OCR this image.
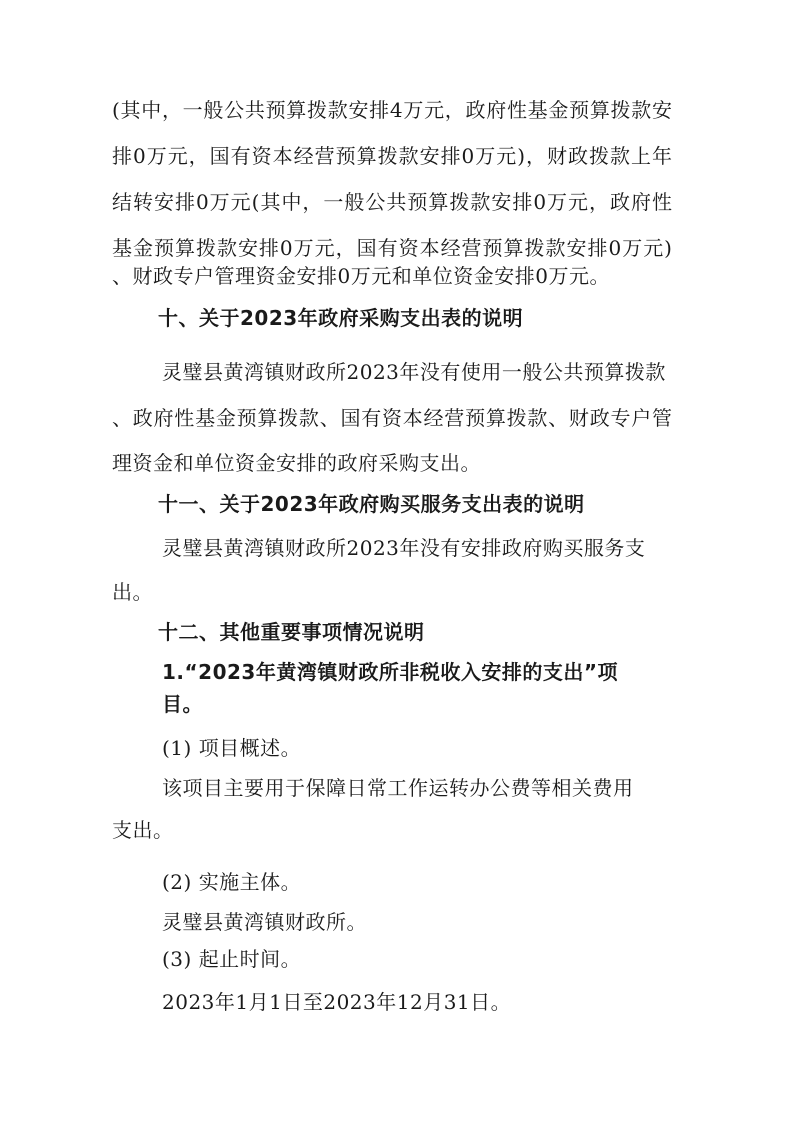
(其中，一般公共预算拨款安排4万元，政府性基金预算拨款安
排0万元，国有资本经营预算拨款安排0万元)，财政拨款上年
结转安排0万元(其中，一般公共预算拨款安排0万元，政府性
基金预算拨款安排0万元，国有资本经营预算拨款安排0万元)
、财政专户管理资金安排0万元和单位资金安排0万元。
十、关于2023年政府采购支出表的说明
灵璧县黄湾镇财政所2023年没有使用一般公共预算拨款
、政府性基金预算拨款、国有资本经营预算拨款、财政专户管
理资金和单位资金安排的政府采购支出。
十一、关于2023年政府购买服务支出表的说明
灵璧县黄湾镇财政所2023年没有安排政府购买服务支
出。
十二、其他重要事项情况说明
1.“2023年黄湾镇财政所非税收入安排的支出”项
目。
(1) 项目概述。
该项目主要用于保障日常工作运转办公费等相关费用
支出。
(2) 实施主体。
灵璧县黄湾镇财政所。
(3) 起止时间。
2023年1月1日至2023年12月31日。
